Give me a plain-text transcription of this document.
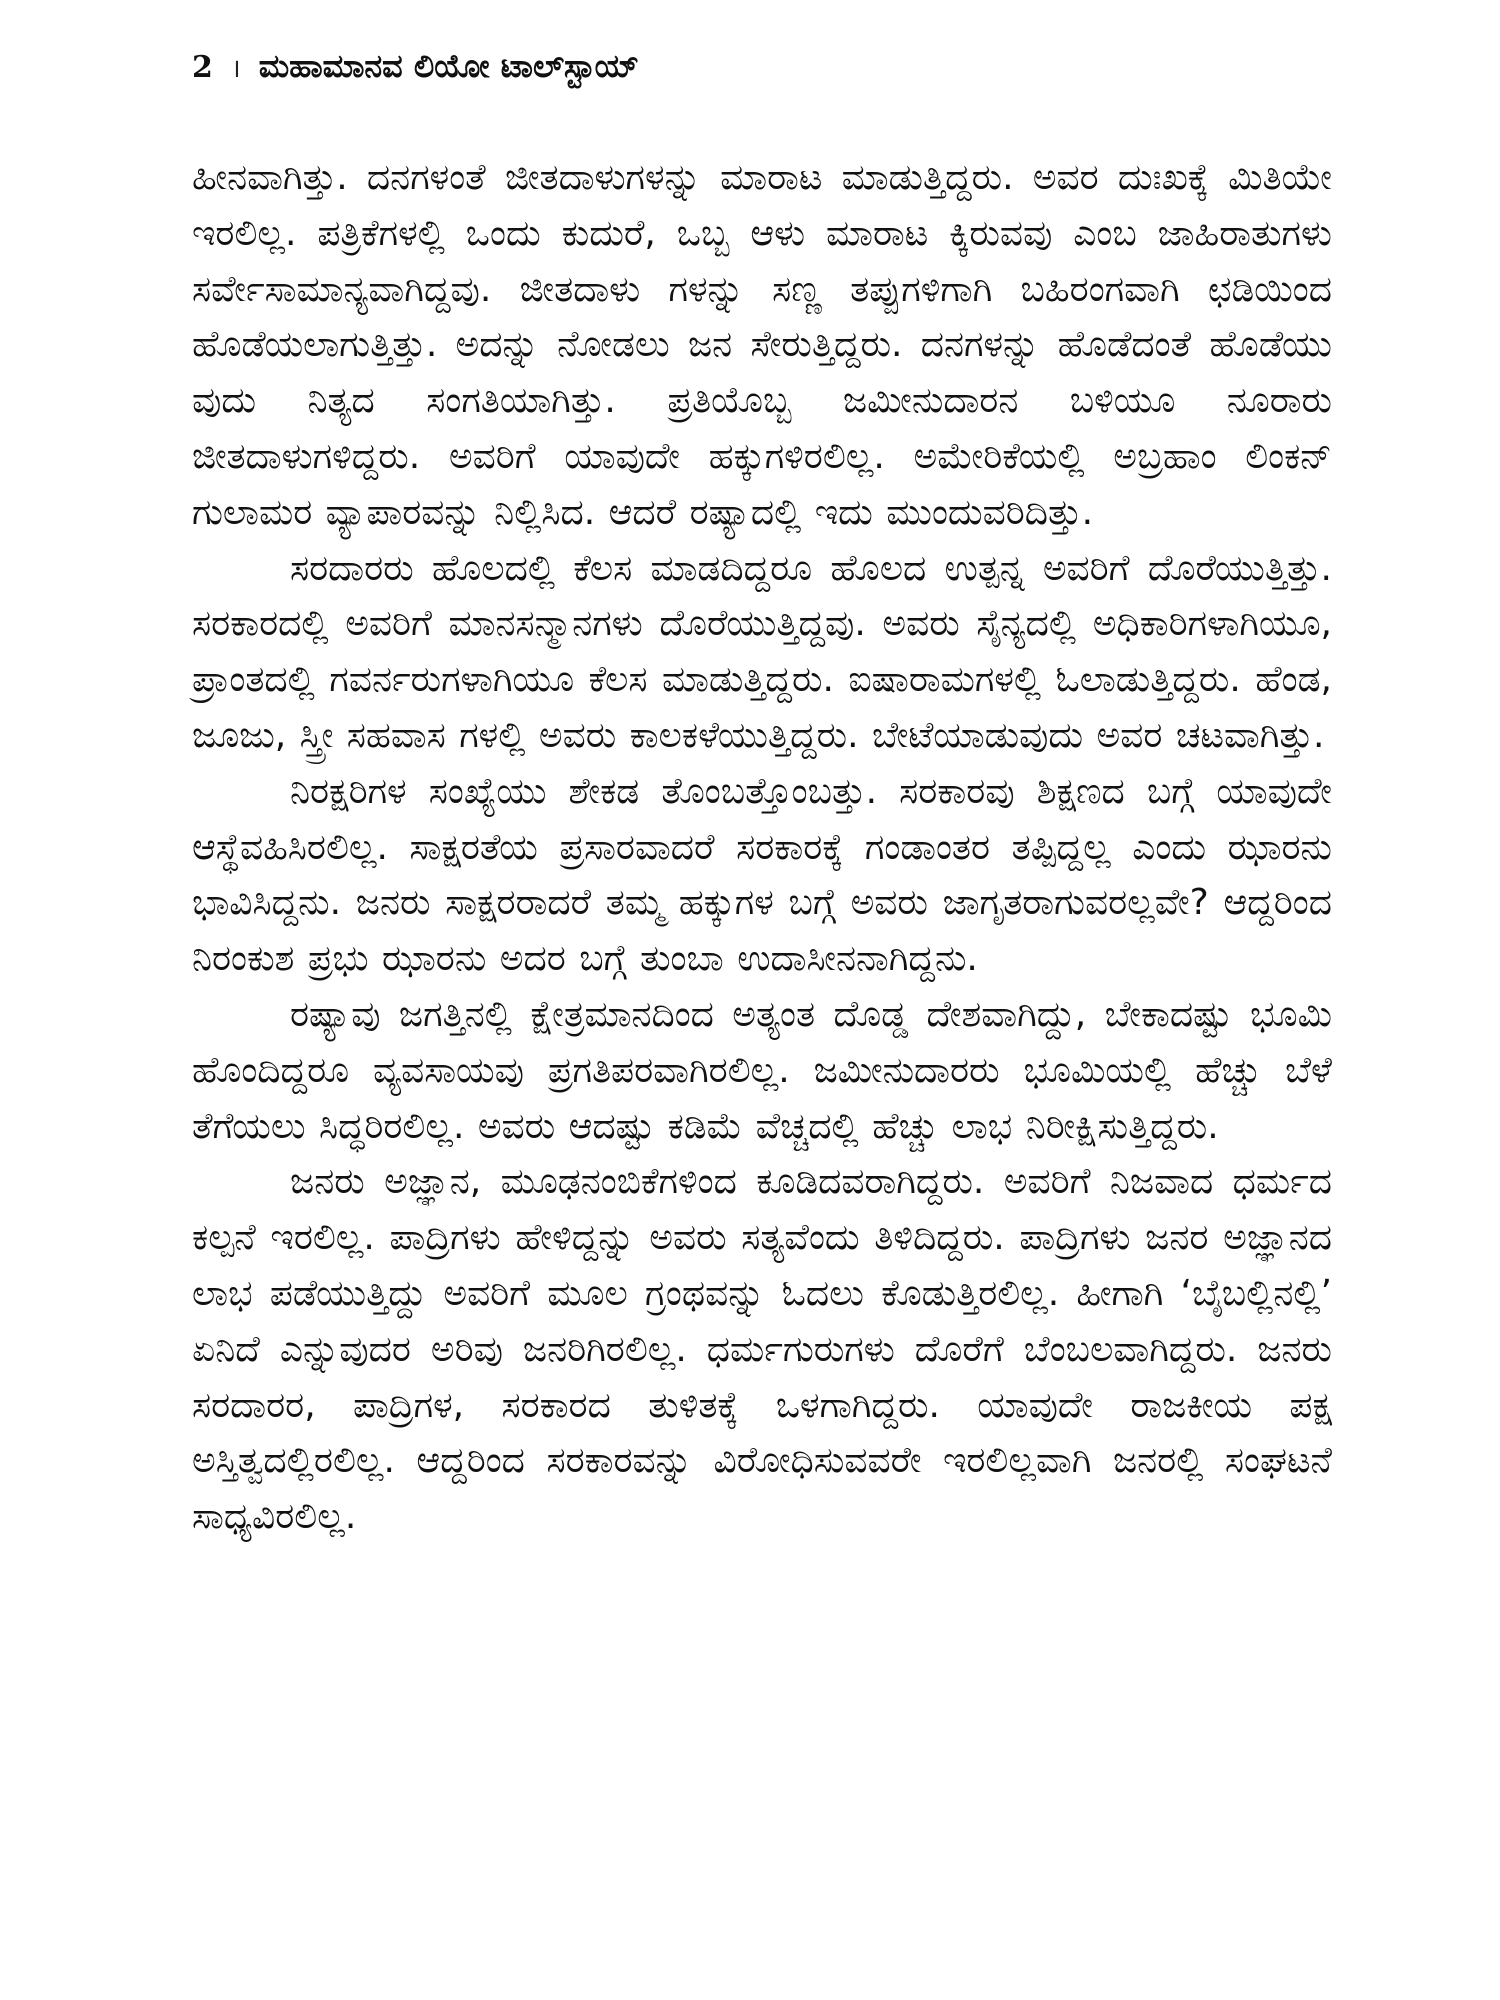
2 । ಮಹಾಮಾನವ ಲಿಯೋ ಟಾಲ್‌ಸ್ಟಾಯ್

ಹೀನವಾಗಿತ್ತು. ದನಗಳಂತೆ ಜೀತದಾಳುಗಳನ್ನು ಮಾರಾಟ ಮಾಡುತ್ತಿದ್ದರು. ಅವರ ದುಃಖಕ್ಕೆ ಮಿತಿಯೇ ಇರಲಿಲ್ಲ. ಪತ್ರಿಕೆಗಳಲ್ಲಿ ಒಂದು ಕುದುರೆ, ಒಬ್ಬ ಆಳು ಮಾರಾಟ ಕ್ಕಿರುವವು ಎಂಬ ಜಾಹಿರಾತುಗಳು ಸರ್ವೇಸಾಮಾನ್ಯವಾಗಿದ್ದವು. ಜೀತದಾಳು ಗಳನ್ನು ಸಣ್ಣ ತಪ್ಪುಗಳಿಗಾಗಿ ಬಹಿರಂಗವಾಗಿ ಛಡಿಯಿಂದ ಹೊಡೆಯಲಾಗುತ್ತಿತ್ತು. ಅದನ್ನು ನೋಡಲು ಜನ ಸೇರುತ್ತಿದ್ದರು. ದನಗಳನ್ನು ಹೊಡೆದಂತೆ ಹೊಡೆಯು ವುದು ನಿತ್ಯದ ಸಂಗತಿಯಾಗಿತ್ತು. ಪ್ರತಿಯೊಬ್ಬ ಜಮೀನುದಾರನ ಬಳಿಯೂ ನೂರಾರು ಜೀತದಾಳುಗಳಿದ್ದರು. ಅವರಿಗೆ ಯಾವುದೇ ಹಕ್ಕುಗಳಿರಲಿಲ್ಲ. ಅಮೇರಿಕೆಯಲ್ಲಿ ಅಬ್ರಹಾಂ ಲಿಂಕನ್ ಗುಲಾಮರ ವ್ಯಾಪಾರವನ್ನು ನಿಲ್ಲಿಸಿದ. ಆದರೆ ರಷ್ಯಾದಲ್ಲಿ ಇದು ಮುಂದುವರಿದಿತ್ತು.

ಸರದಾರರು ಹೊಲದಲ್ಲಿ ಕೆಲಸ ಮಾಡದಿದ್ದರೂ ಹೊಲದ ಉತ್ಪನ್ನ ಅವರಿಗೆ ದೊರೆಯುತ್ತಿತ್ತು. ಸರಕಾರದಲ್ಲಿ ಅವರಿಗೆ ಮಾನಸನ್ಮಾನಗಳು ದೊರೆಯುತ್ತಿದ್ದವು. ಅವರು ಸೈನ್ಯದಲ್ಲಿ ಅಧಿಕಾರಿಗಳಾಗಿಯೂ, ಪ್ರಾಂತದಲ್ಲಿ ಗವರ್ನರುಗಳಾಗಿಯೂ ಕೆಲಸ ಮಾಡುತ್ತಿದ್ದರು. ಐಷಾರಾಮಗಳಲ್ಲಿ ಓಲಾಡುತ್ತಿದ್ದರು. ಹೆಂಡ, ಜೂಜು, ಸ್ತ್ರೀ ಸಹವಾಸ ಗಳಲ್ಲಿ ಅವರು ಕಾಲಕಳೆಯುತ್ತಿದ್ದರು. ಬೇಟೆಯಾಡುವುದು ಅವರ ಚಟವಾಗಿತ್ತು.

ನಿರಕ್ಷರಿಗಳ ಸಂಖ್ಯೆಯು ಶೇಕಡ ತೊಂಬತ್ತೊಂಬತ್ತು. ಸರಕಾರವು ಶಿಕ್ಷಣದ ಬಗ್ಗೆ ಯಾವುದೇ ಆಸ್ಥೆವಹಿಸಿರಲಿಲ್ಲ. ಸಾಕ್ಷರತೆಯ ಪ್ರಸಾರವಾದರೆ ಸರಕಾರಕ್ಕೆ ಗಂಡಾಂತರ ತಪ್ಪಿದ್ದಲ್ಲ ಎಂದು ಝಾರನು ಭಾವಿಸಿದ್ದನು. ಜನರು ಸಾಕ್ಷರರಾದರೆ ತಮ್ಮ ಹಕ್ಕುಗಳ ಬಗ್ಗೆ ಅವರು ಜಾಗೃತರಾಗುವರಲ್ಲವೇ? ಆದ್ದರಿಂದ ನಿರಂಕುಶ ಪ್ರಭು ಝಾರನು ಅದರ ಬಗ್ಗೆ ತುಂಬಾ ಉದಾಸೀನನಾಗಿದ್ದನು.

ರಷ್ಯಾವು ಜಗತ್ತಿನಲ್ಲಿ ಕ್ಷೇತ್ರಮಾನದಿಂದ ಅತ್ಯಂತ ದೊಡ್ಡ ದೇಶವಾಗಿದ್ದು, ಬೇಕಾದಷ್ಟು ಭೂಮಿ ಹೊಂದಿದ್ದರೂ ವ್ಯವಸಾಯವು ಪ್ರಗತಿಪರವಾಗಿರಲಿಲ್ಲ. ಜಮೀನುದಾರರು ಭೂಮಿಯಲ್ಲಿ ಹೆಚ್ಚು ಬೆಳೆ ತೆಗೆಯಲು ಸಿದ್ಧರಿರಲಿಲ್ಲ. ಅವರು ಆದಷ್ಟು ಕಡಿಮೆ ವೆಚ್ಚದಲ್ಲಿ ಹೆಚ್ಚು ಲಾಭ ನಿರೀಕ್ಷಿಸುತ್ತಿದ್ದರು.

ಜನರು ಅಜ್ಞಾನ, ಮೂಢನಂಬಿಕೆಗಳಿಂದ ಕೂಡಿದವರಾಗಿದ್ದರು. ಅವರಿಗೆ ನಿಜವಾದ ಧರ್ಮದ ಕಲ್ಪನೆ ಇರಲಿಲ್ಲ. ಪಾದ್ರಿಗಳು ಹೇಳಿದ್ದನ್ನು ಅವರು ಸತ್ಯವೆಂದು ತಿಳಿದಿದ್ದರು. ಪಾದ್ರಿಗಳು ಜನರ ಅಜ್ಞಾನದ ಲಾಭ ಪಡೆಯುತ್ತಿದ್ದು ಅವರಿಗೆ ಮೂಲ ಗ್ರಂಥವನ್ನು ಓದಲು ಕೊಡುತ್ತಿರಲಿಲ್ಲ. ಹೀಗಾಗಿ ‘ಬೈಬಲ್ಲಿನಲ್ಲಿ’ ಏನಿದೆ ಎನ್ನುವುದರ ಅರಿವು ಜನರಿಗಿರಲಿಲ್ಲ. ಧರ್ಮಗುರುಗಳು ದೊರೆಗೆ ಬೆಂಬಲವಾಗಿದ್ದರು. ಜನರು ಸರದಾರರ, ಪಾದ್ರಿಗಳ, ಸರಕಾರದ ತುಳಿತಕ್ಕೆ ಒಳಗಾಗಿದ್ದರು. ಯಾವುದೇ ರಾಜಕೀಯ ಪಕ್ಷ ಅಸ್ತಿತ್ವದಲ್ಲಿರಲಿಲ್ಲ. ಆದ್ದರಿಂದ ಸರಕಾರವನ್ನು ವಿರೋಧಿಸುವವರೇ ಇರಲಿಲ್ಲವಾಗಿ ಜನರಲ್ಲಿ ಸಂಘಟನೆ ಸಾಧ್ಯವಿರಲಿಲ್ಲ.
